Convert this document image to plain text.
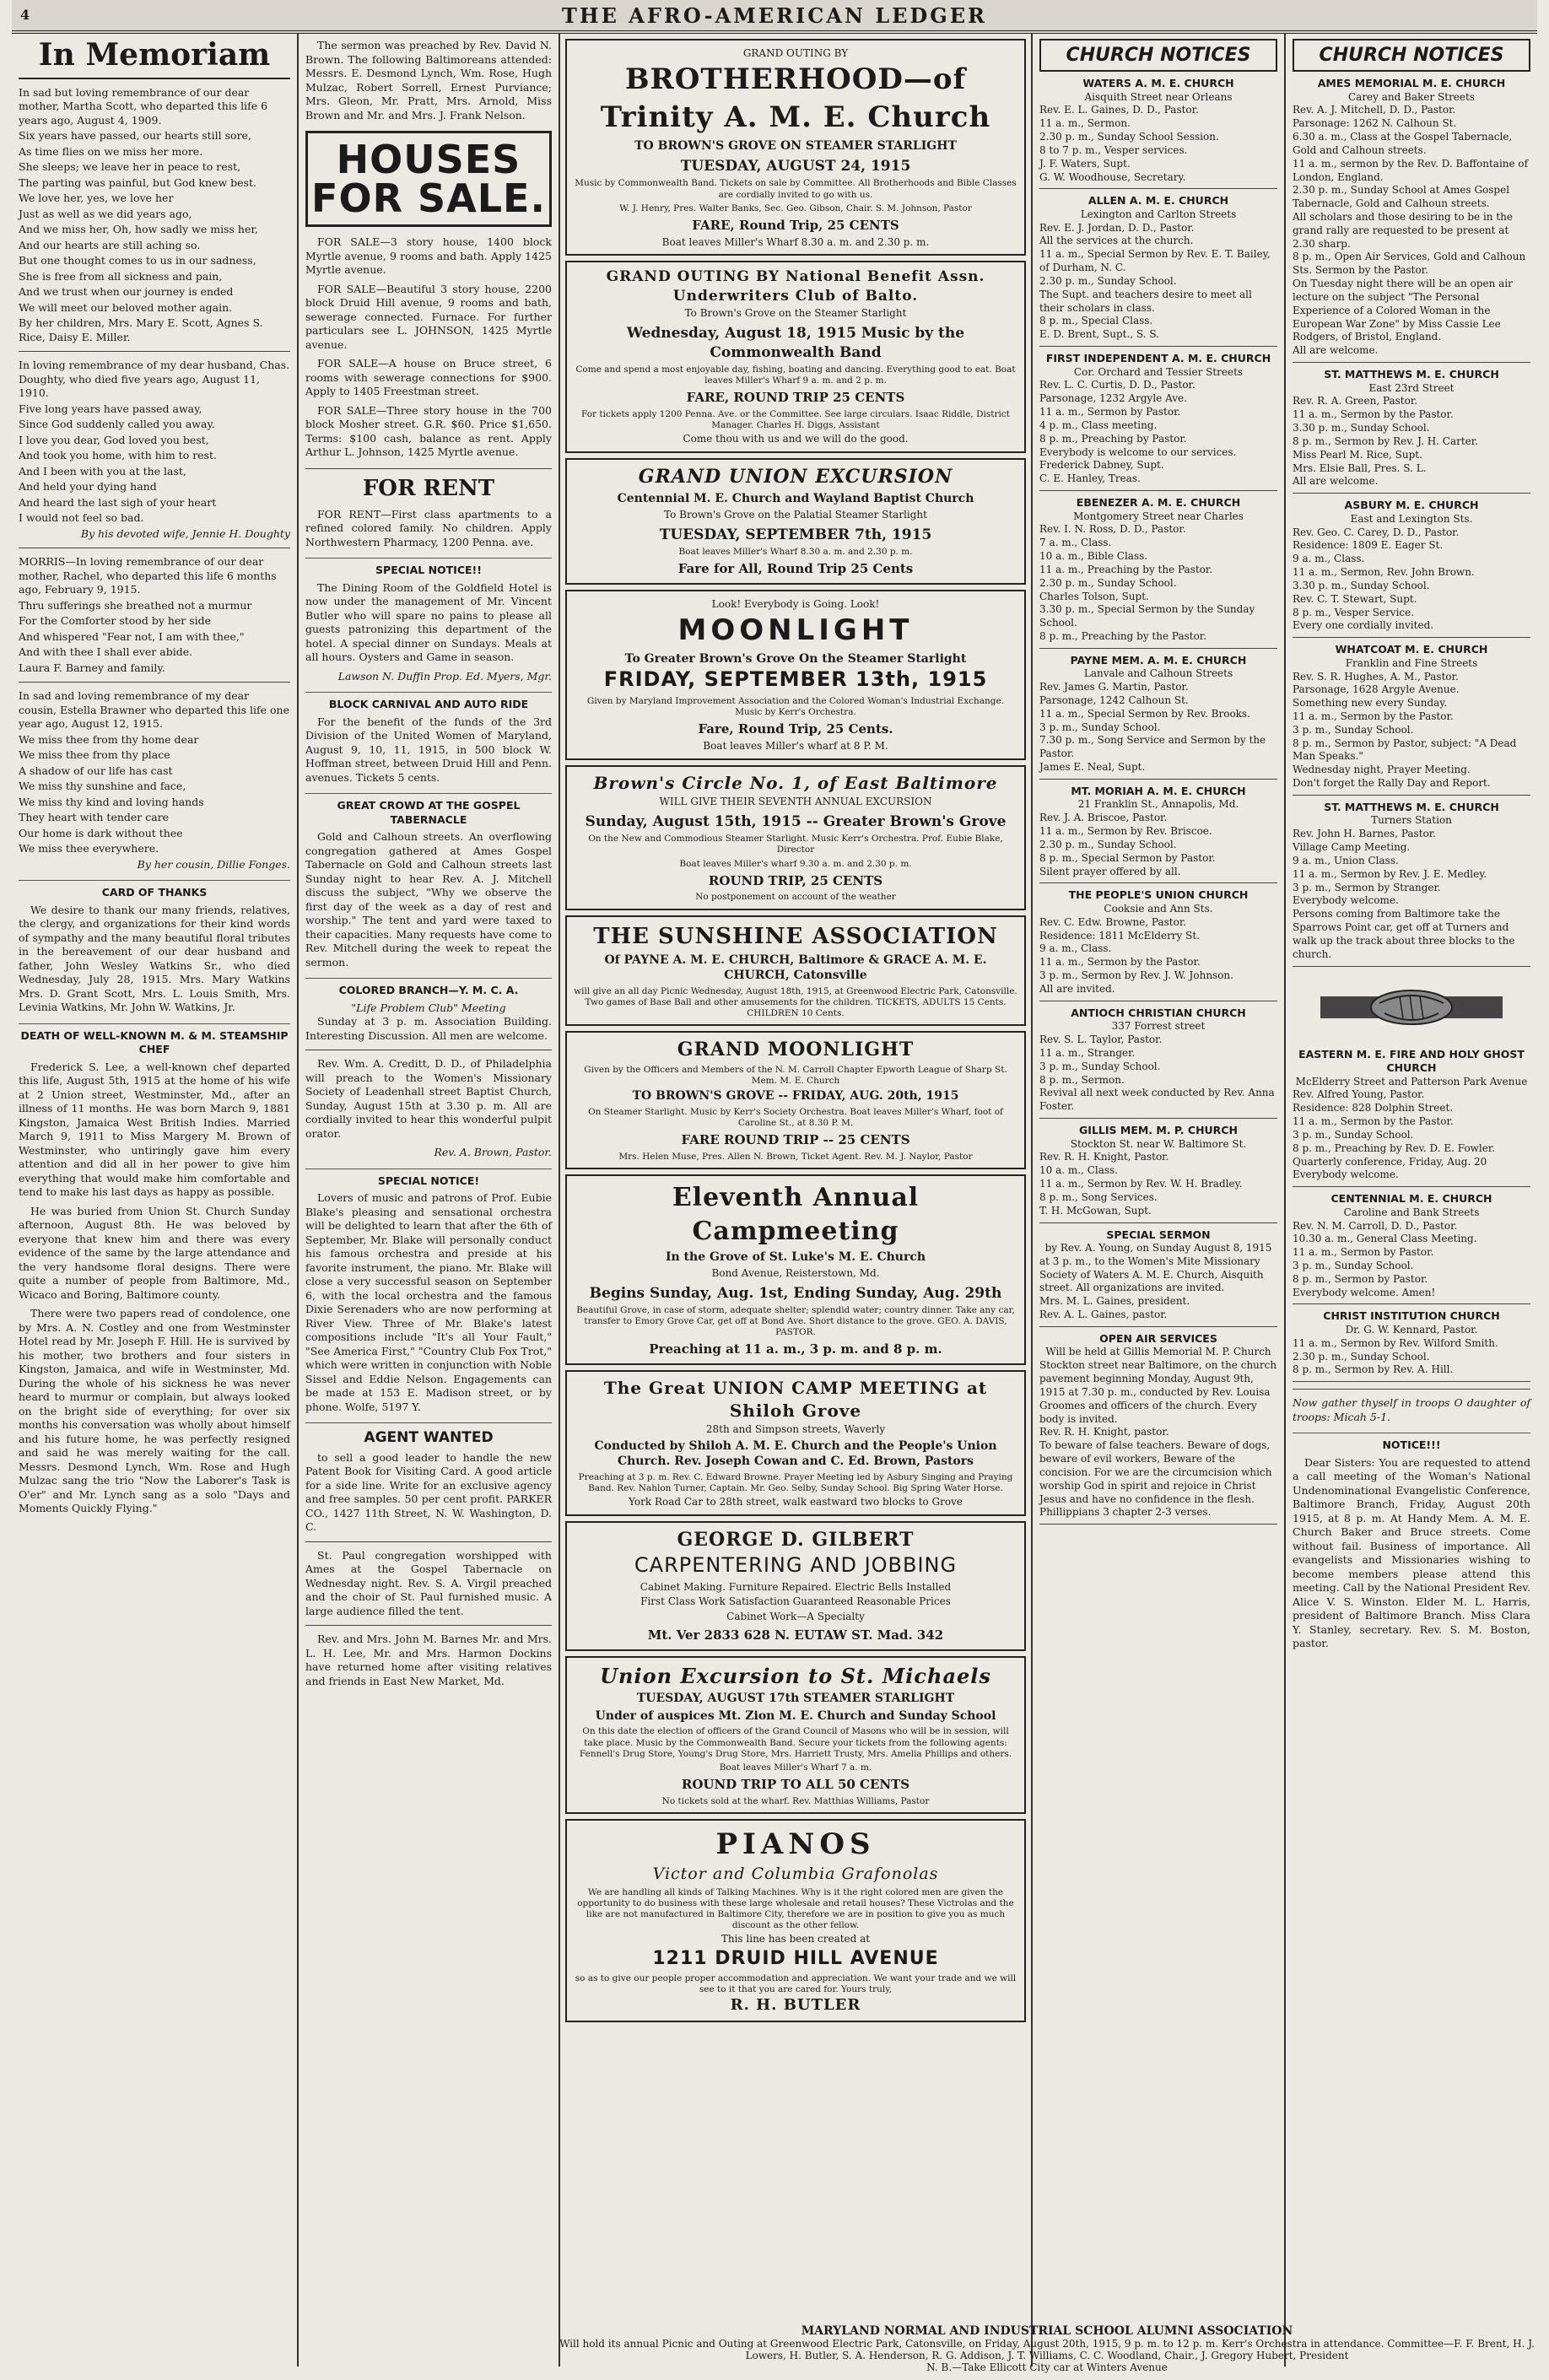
4	THE AFRO-AMERICAN LEDGER
In Memoriam

In sad but loving remembrance of our dear mother, Martha Scott, who departed this life 6 years ago, August 4, 1909.

Six years have passed, our hearts still sore,

As time flies on we miss her more.

She sleeps; we leave her in peace to rest,

The parting was painful, but God knew best.

We love her, yes, we love her

Just as well as we did years ago,

And we miss her, Oh, how sadly we miss her,

And our hearts are still aching so.

But one thought comes to us in our sadness,

She is free from all sickness and pain,

And we trust when our journey is ended

We will meet our beloved mother again.

By her children, Mrs. Mary E. Scott, Agnes S. Rice, Daisy E. Miller.

In loving remembrance of my dear husband, Chas. Doughty, who died five years ago, August 11, 1910.

Five long years have passed away,

Since God suddenly called you away.

I love you dear, God loved you best,

And took you home, with him to rest.

And I been with you at the last,

And held your dying hand

And heard the last sigh of your heart

I would not feel so bad.

By his devoted wife, Jennie H. Doughty

MORRIS—In loving remembrance of our dear mother, Rachel, who departed this life 6 months ago, February 9, 1915.

Thru sufferings she breathed not a murmur

For the Comforter stood by her side

And whispered "Fear not, I am with thee,"

And with thee I shall ever abide.

Laura F. Barney and family.

In sad and loving remembrance of my dear cousin, Estella Brawner who departed this life one year ago, August 12, 1915.

We miss thee from thy home dear

We miss thee from thy place

A shadow of our life has cast

We miss thy sunshine and face,

We miss thy kind and loving hands

They heart with tender care

Our home is dark without thee

We miss thee everywhere.

By her cousin, Dillie Fonges.
CARD OF THANKS

We desire to thank our many friends, relatives, the clergy, and organizations for their kind words of sympathy and the many beautiful floral tributes in the bereavement of our dear husband and father, John Wesley Watkins Sr., who died Wednesday, July 28, 1915. Mrs. Mary Watkins Mrs. D. Grant Scott, Mrs. L. Louis Smith, Mrs. Levinia Watkins, Mr. John W. Watkins, Jr.

DEATH OF WELL-KNOWN M. & M. STEAMSHIP CHEF

Frederick S. Lee, a well-known chef departed this life, August 5th, 1915 at the home of his wife at 2 Union street, Westminster, Md., after an illness of 11 months. He was born March 9, 1881 Kingston, Jamaica West British Indies. Married March 9, 1911 to Miss Margery M. Brown of Westminster, who untiringly gave him every attention and did all in her power to give him everything that would make him comfortable and tend to make his last days as happy as possible.

He was buried from Union St. Church Sunday afternoon, August 8th. He was beloved by everyone that knew him and there was every evidence of the same by the large attendance and the very handsome floral designs. There were quite a number of people from Baltimore, Md., Wicaco and Boring, Baltimore county.

There were two papers read of condolence, one by Mrs. A. N. Costley and one from Westminster Hotel read by Mr. Joseph F. Hill. He is survived by his mother, two brothers and four sisters in Kingston, Jamaica, and wife in Westminster, Md. During the whole of his sickness he was never heard to murmur or complain, but always looked on the bright side of everything; for over six months his conversation was wholly about himself and his future home, he was perfectly resigned and said he was merely waiting for the call. Messrs. Desmond Lynch, Wm. Rose and Hugh Mulzac sang the trio "Now the Laborer's Task is O'er" and Mr. Lynch sang as a solo "Days and Moments Quickly Flying."

The sermon was preached by Rev. David N. Brown. The following Baltimoreans attended: Messrs. E. Desmond Lynch, Wm. Rose, Hugh Mulzac, Robert Sorrell, Ernest Purviance; Mrs. Gleon, Mr. Pratt, Mrs. Arnold, Miss Brown and Mr. and Mrs. J. Frank Nelson.

HOUSES FOR SALE.

FOR SALE—3 story house, 1400 block Myrtle avenue, 9 rooms and bath. Apply 1425 Myrtle avenue.

FOR SALE—Beautiful 3 story house, 2200 block Druid Hill avenue, 9 rooms and bath, sewerage connected. Furnace. For further particulars see L. JOHNSON, 1425 Myrtle avenue.

FOR SALE—A house on Bruce street, 6 rooms with sewerage connections for $900. Apply to 1405 Freestman street.

FOR SALE—Three story house in the 700 block Mosher street. G.R. $60. Price $1,650. Terms: $100 cash, balance as rent. Apply Arthur L. Johnson, 1425 Myrtle avenue.

FOR RENT

FOR RENT—First class apartments to a refined colored family. No children. Apply Northwestern Pharmacy, 1200 Penna. ave.

SPECIAL NOTICE!!

The Dining Room of the Goldfield Hotel is now under the management of Mr. Vincent Butler who will spare no pains to please all guests patronizing this department of the hotel. A special dinner on Sundays. Meals at all hours. Oysters and Game in season.

Lawson N. Duffin Prop. Ed. Myers, Mgr.
BLOCK CARNIVAL AND AUTO RIDE

For the benefit of the funds of the 3rd Division of the United Women of Maryland, August 9, 10, 11, 1915, in 500 block W. Hoffman street, between Druid Hill and Penn. avenues. Tickets 5 cents.

GREAT CROWD AT THE GOSPEL TABERNACLE

Gold and Calhoun streets. An overflowing congregation gathered at Ames Gospel Tabernacle on Gold and Calhoun streets last Sunday night to hear Rev. A. J. Mitchell discuss the subject, "Why we observe the first day of the week as a day of rest and worship." The tent and yard were taxed to their capacities. Many requests have come to Rev. Mitchell during the week to repeat the sermon.

COLORED BRANCH—Y. M. C. A.
"Life Problem Club" Meeting

Sunday at 3 p. m. Association Building. Interesting Discussion. All men are welcome.

Rev. Wm. A. Creditt, D. D., of Philadelphia will preach to the Women's Missionary Society of Leadenhall street Baptist Church, Sunday, August 15th at 3.30 p. m. All are cordially invited to hear this wonderful pulpit orator.

Rev. A. Brown, Pastor.
SPECIAL NOTICE!

Lovers of music and patrons of Prof. Eubie Blake's pleasing and sensational orchestra will be delighted to learn that after the 6th of September, Mr. Blake will personally conduct his famous orchestra and preside at his favorite instrument, the piano. Mr. Blake will close a very successful season on September 6, with the local orchestra and the famous Dixie Serenaders who are now performing at River View. Three of Mr. Blake's latest compositions include "It's all Your Fault," "See America First," "Country Club Fox Trot," which were written in conjunction with Noble Sissel and Eddie Nelson. Engagements can be made at 153 E. Madison street, or by phone. Wolfe, 5197 Y.

AGENT WANTED

to sell a good leader to handle the new Patent Book for Visiting Card. A good article for a side line. Write for an exclusive agency and free samples. 50 per cent profit. PARKER CO., 1427 11th Street, N. W. Washington, D. C.

St. Paul congregation worshipped with Ames at the Gospel Tabernacle on Wednesday night. Rev. S. A. Virgil preached and the choir of St. Paul furnished music. A large audience filled the tent.

Rev. and Mrs. John M. Barnes Mr. and Mrs. L. H. Lee, Mr. and Mrs. Harmon Dockins have returned home after visiting relatives and friends in East New Market, Md.

GRAND OUTING BY
BROTHERHOOD—of Trinity A. M. E. Church
TO BROWN'S GROVE ON STEAMER STARLIGHT
TUESDAY, AUGUST 24, 1915
Music by Commonwealth Band. Tickets on sale by Committee. All Brotherhoods and Bible Classes are cordially invited to go with us.
W. J. Henry, Pres. Walter Banks, Sec. Geo. Gibson, Chair. S. M. Johnson, Pastor
FARE, Round Trip, 25 CENTS
Boat leaves Miller's Wharf 8.30 a. m. and 2.30 p. m.
GRAND OUTING BY National Benefit Assn. Underwriters Club of Balto.
To Brown's Grove on the Steamer Starlight
Wednesday, August 18, 1915 Music by the Commonwealth Band
Come and spend a most enjoyable day, fishing, boating and dancing. Everything good to eat. Boat leaves Miller's Wharf 9 a. m. and 2 p. m.
FARE, ROUND TRIP 25 CENTS
For tickets apply 1200 Penna. Ave. or the Committee. See large circulars. Isaac Riddle, District Manager. Charles H. Diggs, Assistant
Come thou with us and we will do the good.
GRAND UNION EXCURSION
Centennial M. E. Church and Wayland Baptist Church
To Brown's Grove on the Palatial Steamer Starlight
TUESDAY, SEPTEMBER 7th, 1915
Boat leaves Miller's Wharf 8.30 a. m. and 2.30 p. m.
Fare for All, Round Trip 25 Cents
Look! Everybody is Going. Look!
MOONLIGHT
To Greater Brown's Grove On the Steamer Starlight
FRIDAY, SEPTEMBER 13th, 1915
Given by Maryland Improvement Association and the Colored Woman's Industrial Exchange. Music by Kerr's Orchestra.
Fare, Round Trip, 25 Cents.
Boat leaves Miller's wharf at 8 P. M.
Brown's Circle No. 1, of East Baltimore
WILL GIVE THEIR SEVENTH ANNUAL EXCURSION
Sunday, August 15th, 1915 -- Greater Brown's Grove
On the New and Commodious Steamer Starlight. Music Kerr's Orchestra. Prof. Eubie Blake, Director
Boat leaves Miller's wharf 9.30 a. m. and 2.30 p. m.
ROUND TRIP, 25 CENTS
No postponement on account of the weather
THE SUNSHINE ASSOCIATION
Of PAYNE A. M. E. CHURCH, Baltimore & GRACE A. M. E. CHURCH, Catonsville
will give an all day Picnic Wednesday, August 18th, 1915, at Greenwood Electric Park, Catonsville. Two games of Base Ball and other amusements for the children. TICKETS, ADULTS 15 Cents. CHILDREN 10 Cents.
GRAND MOONLIGHT
Given by the Officers and Members of the N. M. Carroll Chapter Epworth League of Sharp St. Mem. M. E. Church
TO BROWN'S GROVE -- FRIDAY, AUG. 20th, 1915
On Steamer Starlight. Music by Kerr's Society Orchestra. Boat leaves Miller's Wharf, foot of Caroline St., at 8.30 P. M.
FARE ROUND TRIP -- 25 CENTS
Mrs. Helen Muse, Pres. Allen N. Brown, Ticket Agent. Rev. M. J. Naylor, Pastor
Eleventh Annual Campmeeting
In the Grove of St. Luke's M. E. Church
Bond Avenue, Reisterstown, Md.
Begins Sunday, Aug. 1st, Ending Sunday, Aug. 29th
Beautiful Grove, in case of storm, adequate shelter; splendid water; country dinner. Take any car, transfer to Emory Grove Car, get off at Bond Ave. Short distance to the grove. GEO. A. DAVIS, PASTOR.
Preaching at 11 a. m., 3 p. m. and 8 p. m.
The Great UNION CAMP MEETING at Shiloh Grove
28th and Simpson streets, Waverly
Conducted by Shiloh A. M. E. Church and the People's Union Church. Rev. Joseph Cowan and C. Ed. Brown, Pastors
Preaching at 3 p. m. Rev. C. Edward Browne. Prayer Meeting led by Asbury Singing and Praying Band. Rev. Nahlon Turner, Captain. Mr. Geo. Selby, Sunday School. Big Spring Water Horse.
York Road Car to 28th street, walk eastward two blocks to Grove
GEORGE D. GILBERT
CARPENTERING AND JOBBING
Cabinet Making. Furniture Repaired. Electric Bells Installed
First Class Work Satisfaction Guaranteed Reasonable Prices
Cabinet Work—A Specialty
Mt. Ver 2833 628 N. EUTAW ST. Mad. 342
Union Excursion to St. Michaels
TUESDAY, AUGUST 17th STEAMER STARLIGHT
Under of auspices Mt. Zion M. E. Church and Sunday School
On this date the election of officers of the Grand Council of Masons who will be in session, will take place. Music by the Commonwealth Band. Secure your tickets from the following agents: Fennell's Drug Store, Young's Drug Store, Mrs. Harriett Trusty, Mrs. Amelia Phillips and others.
Boat leaves Miller's Wharf 7 a. m.
ROUND TRIP TO ALL 50 CENTS
No tickets sold at the wharf. Rev. Matthias Williams, Pastor
PIANOS
Victor and Columbia Grafonolas
We are handling all kinds of Talking Machines. Why is it the right colored men are given the opportunity to do business with these large wholesale and retail houses? These Victrolas and the like are not manufactured in Baltimore City, therefore we are in position to give you as much discount as the other fellow.
This line has been created at
1211 DRUID HILL AVENUE
so as to give our people proper accommodation and appreciation. We want your trade and we will see to it that you are cared for. Yours truly,
R. H. BUTLER
CHURCH NOTICES
WATERS A. M. E. CHURCH
Aisquith Street near Orleans
Rev. E. L. Gaines, D. D., Pastor.
11 a. m., Sermon.
2.30 p. m., Sunday School Session.
8 to 7 p. m., Vesper services.
J. F. Waters, Supt.
G. W. Woodhouse, Secretary.
ALLEN A. M. E. CHURCH
Lexington and Carlton Streets
Rev. E. J. Jordan, D. D., Pastor.
All the services at the church.
11 a. m., Special Sermon by Rev. E. T. Bailey, of Durham, N. C.
2.30 p. m., Sunday School.
The Supt. and teachers desire to meet all their scholars in class.
8 p. m., Special Class.
E. D. Brent, Supt., S. S.
FIRST INDEPENDENT A. M. E. CHURCH
Cor. Orchard and Tessier Streets
Rev. L. C. Curtis, D. D., Pastor.
Parsonage, 1232 Argyle Ave.
11 a. m., Sermon by Pastor.
4 p. m., Class meeting.
8 p. m., Preaching by Pastor.
Everybody is welcome to our services.
Frederick Dabney, Supt.
C. E. Hanley, Treas.
EBENEZER A. M. E. CHURCH
Montgomery Street near Charles
Rev. I. N. Ross, D. D., Pastor.
7 a. m., Class.
10 a. m., Bible Class.
11 a. m., Preaching by the Pastor.
2.30 p. m., Sunday School.
Charles Tolson, Supt.
3.30 p. m., Special Sermon by the Sunday School.
8 p. m., Preaching by the Pastor.
PAYNE MEM. A. M. E. CHURCH
Lanvale and Calhoun Streets
Rev. James G. Martin, Pastor.
Parsonage, 1242 Calhoun St.
11 a. m., Special Sermon by Rev. Brooks.
3 p. m., Sunday School.
7.30 p. m., Song Service and Sermon by the Pastor.
James E. Neal, Supt.
MT. MORIAH A. M. E. CHURCH
21 Franklin St., Annapolis, Md.
Rev. J. A. Briscoe, Pastor.
11 a. m., Sermon by Rev. Briscoe.
2.30 p. m., Sunday School.
8 p. m., Special Sermon by Pastor.
Silent prayer offered by all.
THE PEOPLE'S UNION CHURCH
Cooksie and Ann Sts.
Rev. C. Edw. Browne, Pastor.
Residence: 1811 McElderry St.
9 a. m., Class.
11 a. m., Sermon by the Pastor.
3 p. m., Sermon by Rev. J. W. Johnson.
All are invited.
ANTIOCH CHRISTIAN CHURCH
337 Forrest street
Rev. S. L. Taylor, Pastor.
11 a. m., Stranger.
3 p. m., Sunday School.
8 p. m., Sermon.
Revival all next week conducted by Rev. Anna Foster.
GILLIS MEM. M. P. CHURCH
Stockton St. near W. Baltimore St.
Rev. R. H. Knight, Pastor.
10 a. m., Class.
11 a. m., Sermon by Rev. W. H. Bradley.
8 p. m., Song Services.
T. H. McGowan, Supt.
SPECIAL SERMON
by Rev. A. Young, on Sunday August 8, 1915
at 3 p. m., to the Women's Mite Missionary Society of Waters A. M. E. Church, Aisquith street. All organizations are invited.
Mrs. M. L. Gaines, president.
Rev. A. L. Gaines, pastor.
OPEN AIR SERVICES
Will be held at Gillis Memorial M. P. Church
Stockton street near Baltimore, on the church pavement beginning Monday, August 9th, 1915 at 7.30 p. m., conducted by Rev. Louisa Groomes and officers of the church. Every body is invited.
Rev. R. H. Knight, pastor.
To beware of false teachers. Beware of dogs, beware of evil workers, Beware of the concision. For we are the circumcision which worship God in spirit and rejoice in Christ Jesus and have no confidence in the flesh. Phillippians 3 chapter 2-3 verses.
CHURCH NOTICES
AMES MEMORIAL M. E. CHURCH
Carey and Baker Streets
Rev. A. J. Mitchell, D. D., Pastor.
Parsonage: 1262 N. Calhoun St.
6.30 a. m., Class at the Gospel Tabernacle, Gold and Calhoun streets.
11 a. m., sermon by the Rev. D. Baffontaine of London, England.
2.30 p. m., Sunday School at Ames Gospel Tabernacle, Gold and Calhoun streets.
All scholars and those desiring to be in the grand rally are requested to be present at 2.30 sharp.
8 p. m., Open Air Services, Gold and Calhoun Sts. Sermon by the Pastor.
On Tuesday night there will be an open air lecture on the subject "The Personal Experience of a Colored Woman in the European War Zone" by Miss Cassie Lee Rodgers, of Bristol, England.
All are welcome.
ST. MATTHEWS M. E. CHURCH
East 23rd Street
Rev. R. A. Green, Pastor.
11 a. m., Sermon by the Pastor.
3.30 p. m., Sunday School.
8 p. m., Sermon by Rev. J. H. Carter.
Miss Pearl M. Rice, Supt.
Mrs. Elsie Ball, Pres. S. L.
All are welcome.
ASBURY M. E. CHURCH
East and Lexington Sts.
Rev. Geo. C. Carey, D. D., Pastor.
Residence: 1809 E. Eager St.
9 a. m., Class.
11 a. m., Sermon, Rev. John Brown.
3.30 p. m., Sunday School.
Rev. C. T. Stewart, Supt.
8 p. m., Vesper Service.
Every one cordially invited.
WHATCOAT M. E. CHURCH
Franklin and Fine Streets
Rev. S. R. Hughes, A. M., Pastor.
Parsonage, 1628 Argyle Avenue.
Something new every Sunday.
11 a. m., Sermon by the Pastor.
3 p. m., Sunday School.
8 p. m., Sermon by Pastor, subject: "A Dead Man Speaks."
Wednesday night, Prayer Meeting.
Don't forget the Rally Day and Report.
ST. MATTHEWS M. E. CHURCH
Turners Station
Rev. John H. Barnes, Pastor.
Village Camp Meeting.
9 a. m., Union Class.
11 a. m., Sermon by Rev. J. E. Medley.
3 p. m., Sermon by Stranger.
Everybody welcome.
Persons coming from Baltimore take the Sparrows Point car, get off at Turners and walk up the track about three blocks to the church.
EASTERN M. E. FIRE AND HOLY GHOST CHURCH
McElderry Street and Patterson Park Avenue
Rev. Alfred Young, Pastor.
Residence: 828 Dolphin Street.
11 a. m., Sermon by the Pastor.
3 p. m., Sunday School.
8 p. m., Preaching by Rev. D. E. Fowler.
Quarterly conference, Friday, Aug. 20
Everybody welcome.
CENTENNIAL M. E. CHURCH
Caroline and Bank Streets
Rev. N. M. Carroll, D. D., Pastor.
10.30 a. m., General Class Meeting.
11 a. m., Sermon by Pastor.
3 p. m., Sunday School.
8 p. m., Sermon by Pastor.
Everybody welcome. Amen!
CHRIST INSTITUTION CHURCH
Dr. G. W. Kennard, Pastor.
11 a. m., Sermon by Rev. Wilford Smith.
2.30 p. m., Sunday School.
8 p. m., Sermon by Rev. A. Hill.

Now gather thyself in troops O daughter of troops: Micah 5-1.

NOTICE!!!

Dear Sisters: You are requested to attend a call meeting of the Woman's National Undenominational Evangelistic Conference, Baltimore Branch, Friday, August 20th 1915, at 8 p. m. At Handy Mem. A. M. E. Church Baker and Bruce streets. Come without fail. Business of importance. All evangelists and Missionaries wishing to become members please attend this meeting. Call by the National President Rev. Alice V. S. Winston. Elder M. L. Harris, president of Baltimore Branch. Miss Clara Y. Stanley, secretary. Rev. S. M. Boston, pastor.

MARYLAND NORMAL AND INDUSTRIAL SCHOOL ALUMNI ASSOCIATION
Will hold its annual Picnic and Outing at Greenwood Electric Park, Catonsville, on Friday, August 20th, 1915, 9 p. m. to 12 p. m. Kerr's Orchestra in attendance. Committee—F. F. Brent, H. J. Lowers, H. Butler, S. A. Henderson, R. G. Addison, J. T. Williams, C. C. Woodland, Chair., J. Gregory Hubert, President
N. B.—Take Ellicott City car at Winters Avenue
